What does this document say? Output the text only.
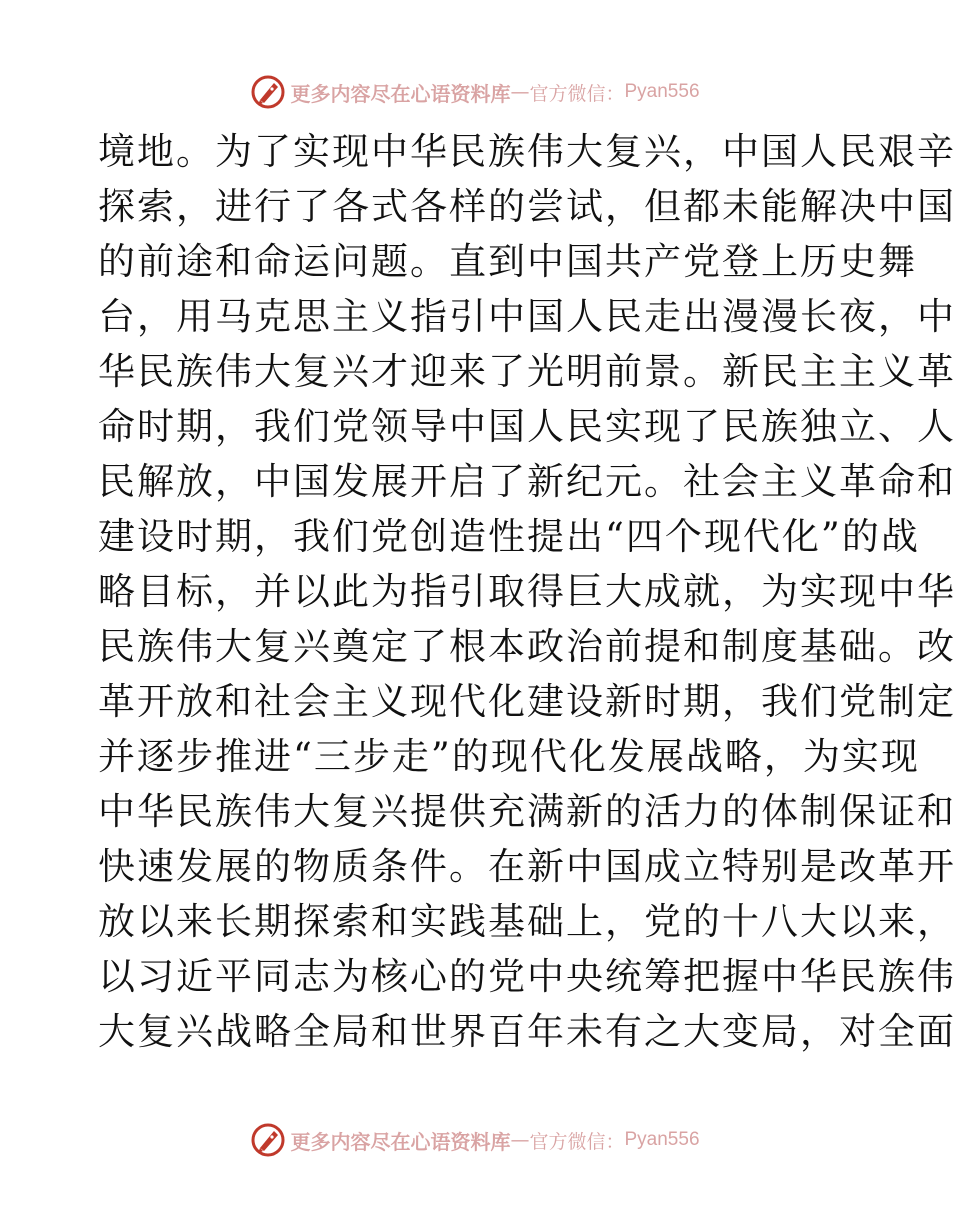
更多内容尽在心语资料库 — 官方微信： Pyan556
境地。为了实现中华民族伟大复兴，中国人民艰辛
探索，进行了各式各样的尝试，但都未能解决中国
的前途和命运问题。直到中国共产党登上历史舞
台，用马克思主义指引中国人民走出漫漫长夜，中
华民族伟大复兴才迎来了光明前景。新民主主义革
命时期，我们党领导中国人民实现了民族独立、人
民解放，中国发展开启了新纪元。社会主义革命和
建设时期，我们党创造性提出“四个现代化”的战
略目标，并以此为指引取得巨大成就，为实现中华
民族伟大复兴奠定了根本政治前提和制度基础。改
革开放和社会主义现代化建设新时期，我们党制定
并逐步推进“三步走”的现代化发展战略，为实现
中华民族伟大复兴提供充满新的活力的体制保证和
快速发展的物质条件。在新中国成立特别是改革开
放以来长期探索和实践基础上，党的十八大以来，
以习近平同志为核心的党中央统筹把握中华民族伟
大复兴战略全局和世界百年未有之大变局，对全面
更多内容尽在心语资料库 — 官方微信： Pyan556
